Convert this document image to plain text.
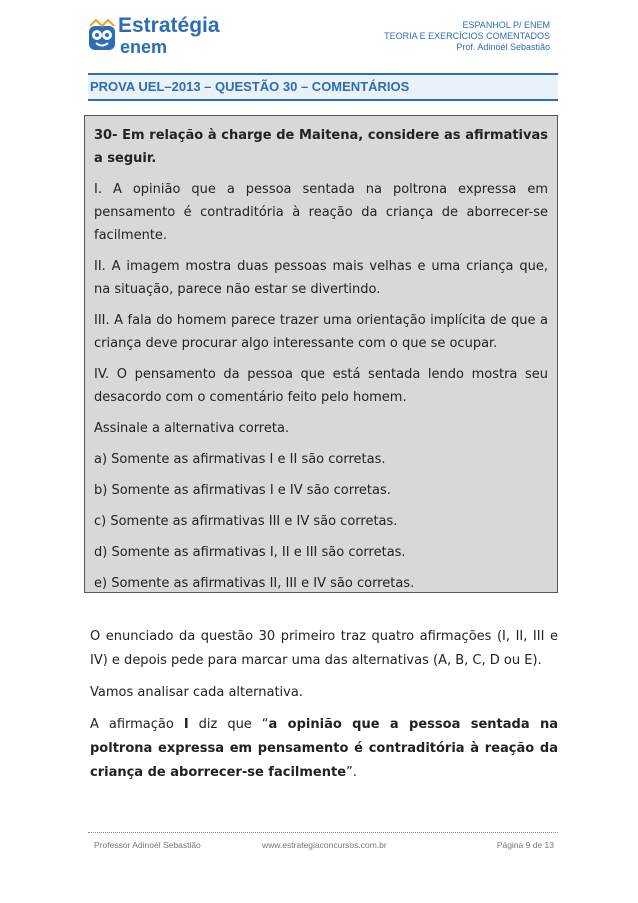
Estratégia
enem
ESPANHOL P/ ENEM
TEORIA E EXERCÍCIOS COMENTADOS
Prof. Adinoél Sebastião
PROVA UEL–2013 – QUESTÃO 30 – COMENTÁRIOS

30- Em relação à charge de Maitena, considere as afirmativas a seguir.

I. A opinião que a pessoa sentada na poltrona expressa em pensamento é contraditória à reação da criança de aborrecer-se facilmente.

II. A imagem mostra duas pessoas mais velhas e uma criança que, na situação, parece não estar se divertindo.

III. A fala do homem parece trazer uma orientação implícita de que a criança deve procurar algo interessante com o que se ocupar.

IV. O pensamento da pessoa que está sentada lendo mostra seu desacordo com o comentário feito pelo homem.

Assinale a alternativa correta.

a) Somente as afirmativas I e II são corretas.

b) Somente as afirmativas I e IV são corretas.

c) Somente as afirmativas III e IV são corretas.

d) Somente as afirmativas I, II e III são corretas.

e) Somente as afirmativas II, III e IV são corretas.

O enunciado da questão 30 primeiro traz quatro afirmações (I, II, III e IV) e depois pede para marcar uma das alternativas (A, B, C, D ou E).

Vamos analisar cada alternativa.

A afirmação I diz que “a opinião que a pessoa sentada na poltrona expressa em pensamento é contraditória à reação da criança de aborrecer-se facilmente”.

Professor Adinoél Sebastião	www.estrategiaconcursos.com.br	Página 9 de 13
